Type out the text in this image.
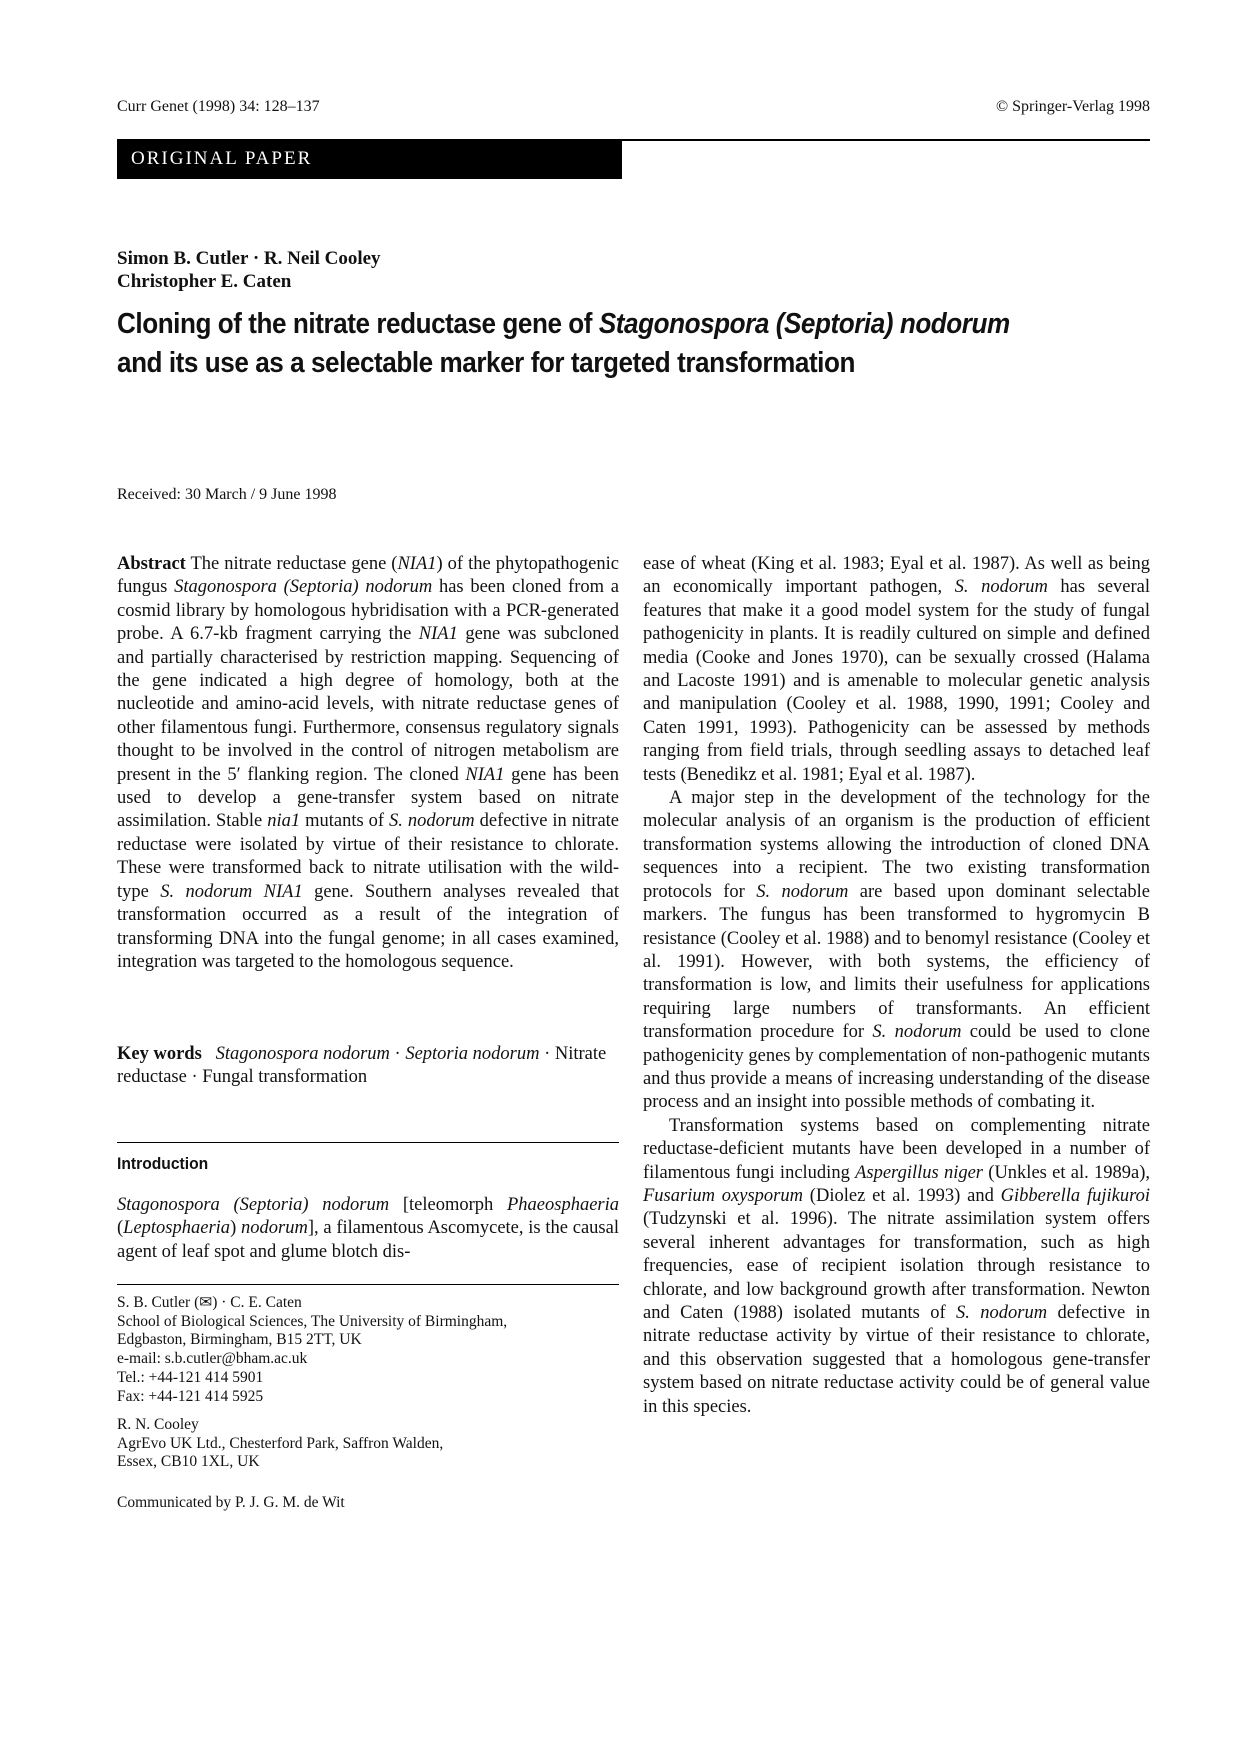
Curr Genet (1998) 34: 128–137	© Springer-Verlag 1998
ORIGINAL PAPER
Simon B. Cutler · R. Neil Cooley
Christopher E. Caten
Cloning of the nitrate reductase gene of Stagonospora (Septoria) nodorum
and its use as a selectable marker for targeted transformation
Received: 30 March / 9 June 1998

Abstract The nitrate reductase gene (NIA1) of the phytopathogenic fungus Stagonospora (Septoria) nodorum has been cloned from a cosmid library by homologous hybridisation with a PCR-generated probe. A 6.7-kb fragment carrying the NIA1 gene was subcloned and partially characterised by restriction mapping. Sequencing of the gene indicated a high degree of homology, both at the nucleotide and amino-acid levels, with nitrate reductase genes of other filamentous fungi. Furthermore, consensus regulatory signals thought to be involved in the control of nitrogen metabolism are present in the 5′ flanking region. The cloned NIA1 gene has been used to develop a gene-transfer system based on nitrate assimilation. Stable nia1 mutants of S. nodorum defective in nitrate reductase were isolated by virtue of their resistance to chlorate. These were transformed back to nitrate utilisation with the wild-type S. nodorum NIA1 gene. Southern analyses revealed that transformation occurred as a result of the integration of transforming DNA into the fungal genome; in all cases examined, integration was targeted to the homologous sequence.

Key words Stagonospora nodorum · Septoria nodorum · Nitrate reductase · Fungal transformation
Introduction

Stagonospora (Septoria) nodorum [teleomorph Phaeosphaeria (Leptosphaeria) nodorum], a filamentous Ascomycete, is the causal agent of leaf spot and glume blotch dis-

S. B. Cutler (✉) · C. E. Caten
School of Biological Sciences, The University of Birmingham,
Edgbaston, Birmingham, B15 2TT, UK
e-mail: s.b.cutler@bham.ac.uk
Tel.: +44-121 414 5901
Fax: +44-121 414 5925
R. N. Cooley
AgrEvo UK Ltd., Chesterford Park, Saffron Walden,
Essex, CB10 1XL, UK
Communicated by P. J. G. M. de Wit

ease of wheat (King et al. 1983; Eyal et al. 1987). As well as being an economically important pathogen, S. nodorum has several features that make it a good model system for the study of fungal pathogenicity in plants. It is readily cultured on simple and defined media (Cooke and Jones 1970), can be sexually crossed (Halama and Lacoste 1991) and is amenable to molecular genetic analysis and manipulation (Cooley et al. 1988, 1990, 1991; Cooley and Caten 1991, 1993). Pathogenicity can be assessed by methods ranging from field trials, through seedling assays to detached leaf tests (Benedikz et al. 1981; Eyal et al. 1987).

A major step in the development of the technology for the molecular analysis of an organism is the production of efficient transformation systems allowing the introduction of cloned DNA sequences into a recipient. The two existing transformation protocols for S. nodorum are based upon dominant selectable markers. The fungus has been transformed to hygromycin B resistance (Cooley et al. 1988) and to benomyl resistance (Cooley et al. 1991). However, with both systems, the efficiency of transformation is low, and limits their usefulness for applications requiring large numbers of transformants. An efficient transformation procedure for S. nodorum could be used to clone pathogenicity genes by complementation of non-pathogenic mutants and thus provide a means of increasing understanding of the disease process and an insight into possible methods of combating it.

Transformation systems based on complementing nitrate reductase-deficient mutants have been developed in a number of filamentous fungi including Aspergillus niger (Unkles et al. 1989a), Fusarium oxysporum (Diolez et al. 1993) and Gibberella fujikuroi (Tudzynski et al. 1996). The nitrate assimilation system offers several inherent advantages for transformation, such as high frequencies, ease of recipient isolation through resistance to chlorate, and low background growth after transformation. Newton and Caten (1988) isolated mutants of S. nodorum defective in nitrate reductase activity by virtue of their resistance to chlorate, and this observation suggested that a homologous gene-transfer system based on nitrate reductase activity could be of general value in this species.
